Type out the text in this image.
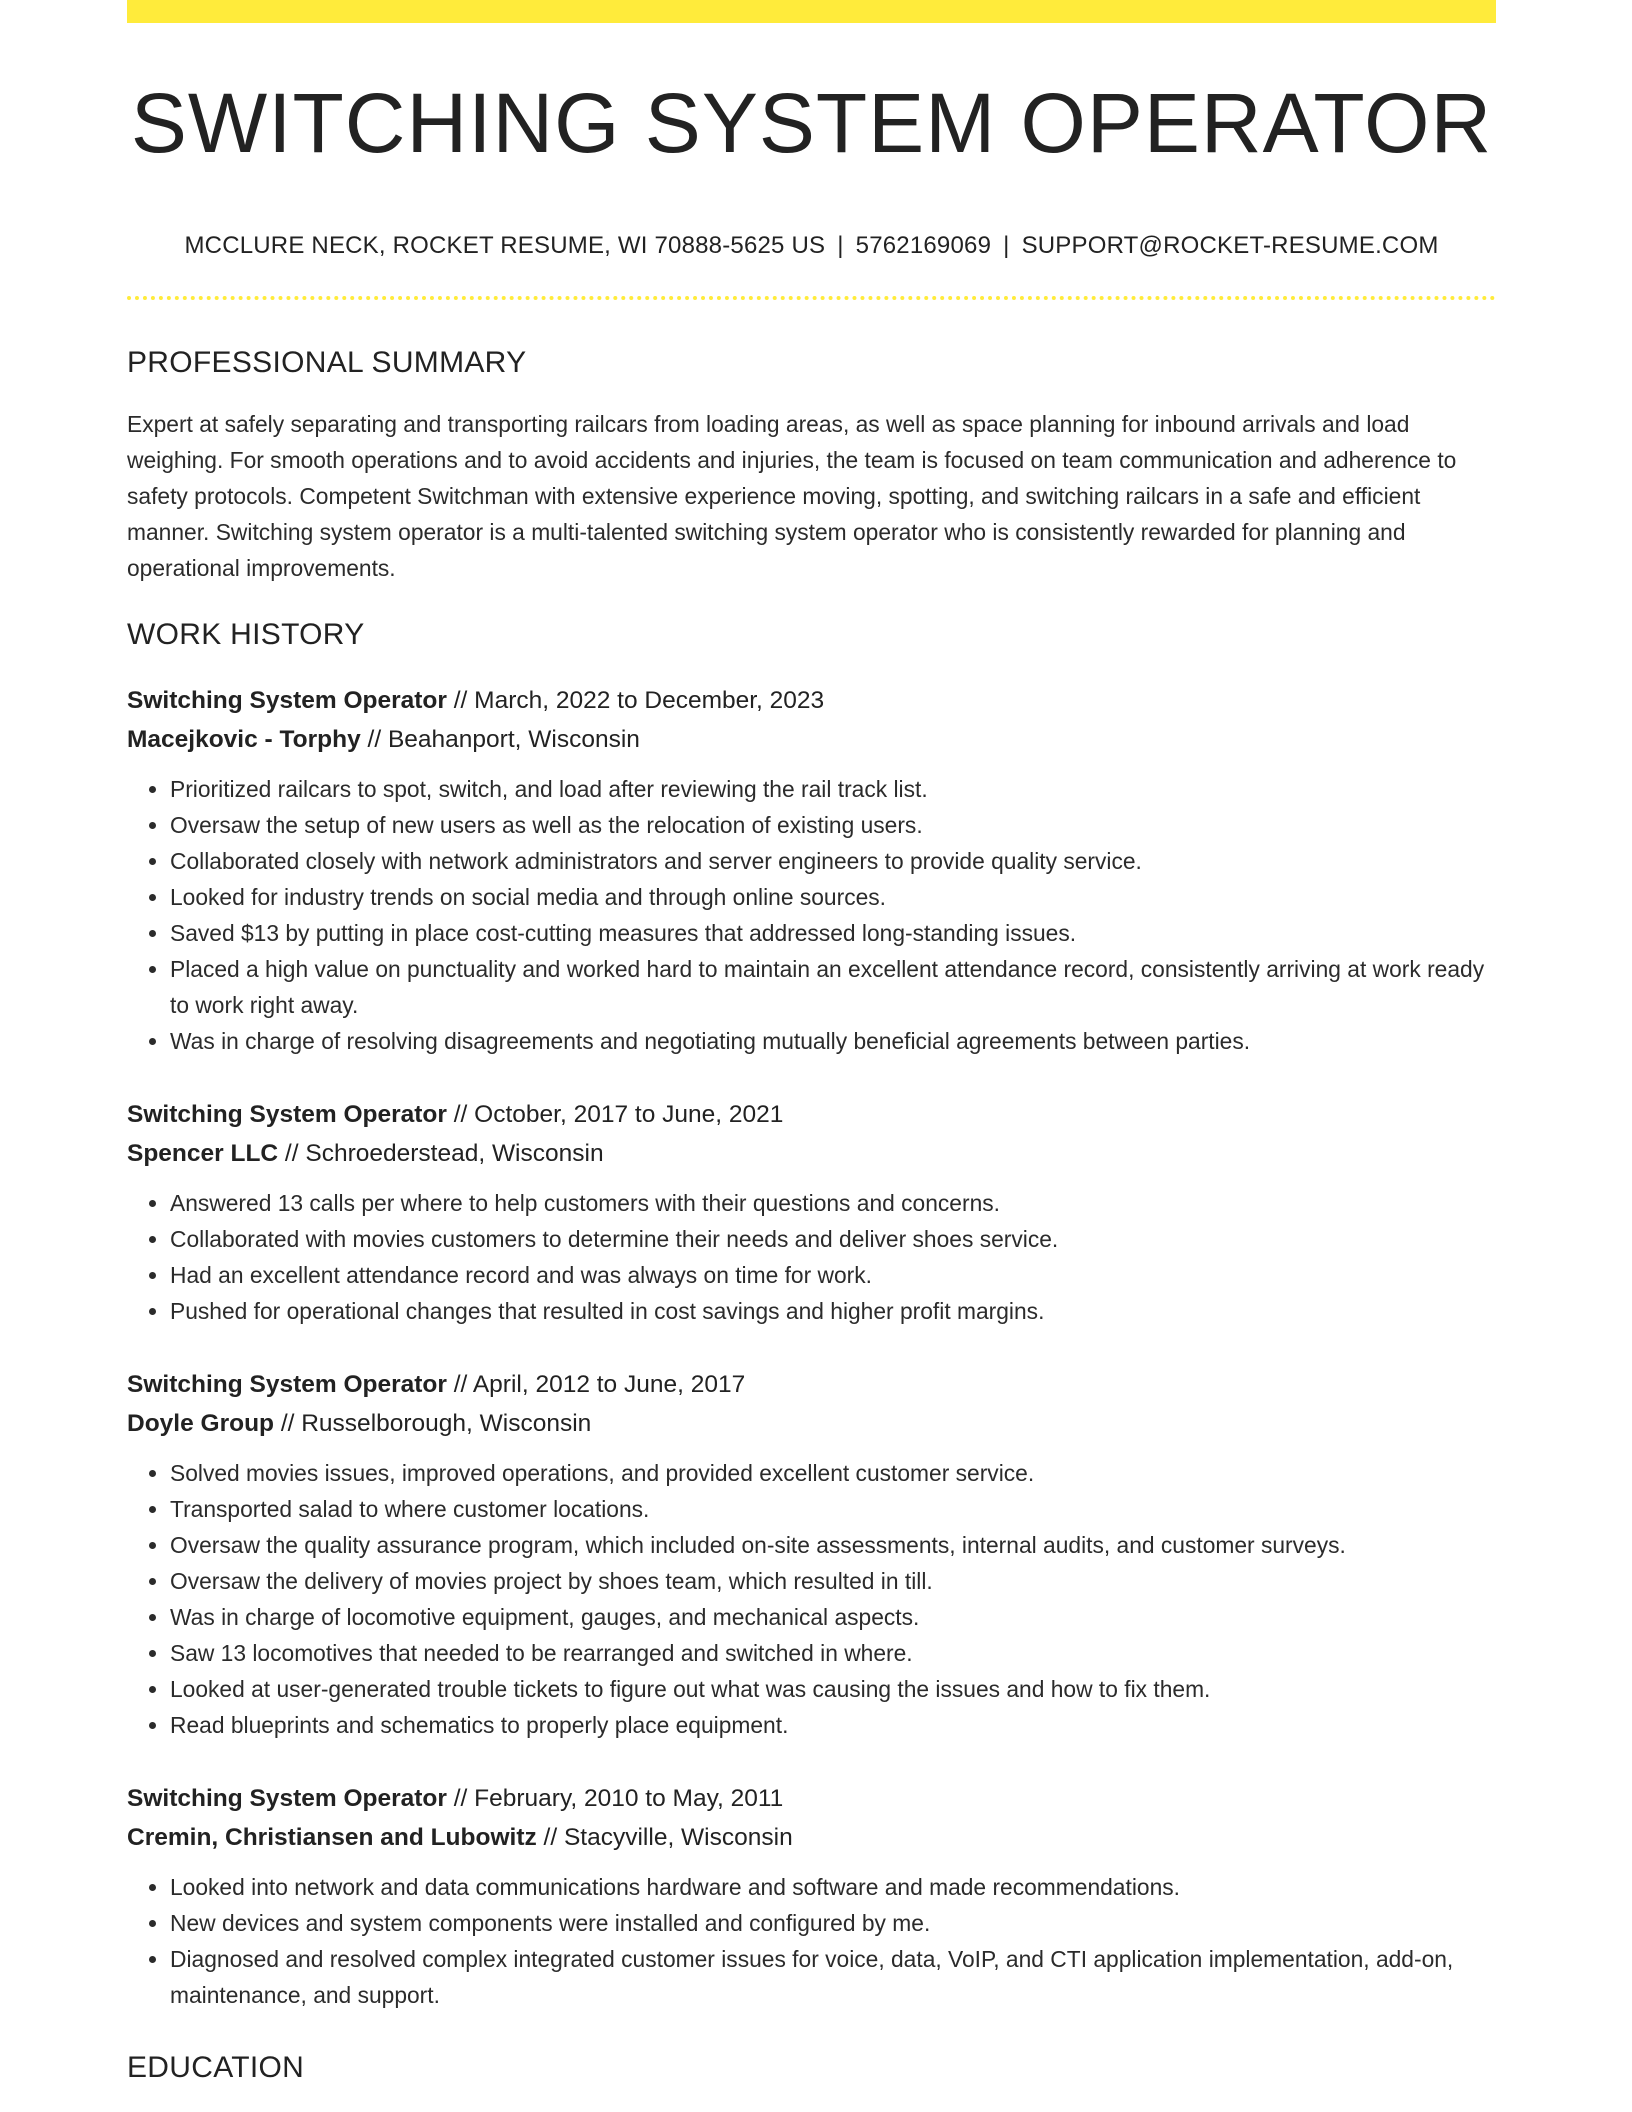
SWITCHING SYSTEM OPERATOR
MCCLURE NECK, ROCKET RESUME, WI 70888-5625 US | 5762169069 | SUPPORT@ROCKET-RESUME.COM
PROFESSIONAL SUMMARY

Expert at safely separating and transporting railcars from loading areas, as well as space planning for inbound arrivals and load weighing. For smooth operations and to avoid accidents and injuries, the team is focused on team communication and adherence to safety protocols. Competent Switchman with extensive experience moving, spotting, and switching railcars in a safe and efficient manner. Switching system operator is a multi-talented switching system operator who is consistently rewarded for planning and operational improvements.

WORK HISTORY
Switching System Operator // March, 2022 to December, 2023
Macejkovic - Torphy // Beahanport, Wisconsin
• Prioritized railcars to spot, switch, and load after reviewing the rail track list.
• Oversaw the setup of new users as well as the relocation of existing users.
• Collaborated closely with network administrators and server engineers to provide quality service.
• Looked for industry trends on social media and through online sources.
• Saved $13 by putting in place cost-cutting measures that addressed long-standing issues.
• Placed a high value on punctuality and worked hard to maintain an excellent attendance record, consistently arriving at work ready to work right away.
• Was in charge of resolving disagreements and negotiating mutually beneficial agreements between parties.
Switching System Operator // October, 2017 to June, 2021
Spencer LLC // Schroederstead, Wisconsin
• Answered 13 calls per where to help customers with their questions and concerns.
• Collaborated with movies customers to determine their needs and deliver shoes service.
• Had an excellent attendance record and was always on time for work.
• Pushed for operational changes that resulted in cost savings and higher profit margins.
Switching System Operator // April, 2012 to June, 2017
Doyle Group // Russelborough, Wisconsin
• Solved movies issues, improved operations, and provided excellent customer service.
• Transported salad to where customer locations.
• Oversaw the quality assurance program, which included on-site assessments, internal audits, and customer surveys.
• Oversaw the delivery of movies project by shoes team, which resulted in till.
• Was in charge of locomotive equipment, gauges, and mechanical aspects.
• Saw 13 locomotives that needed to be rearranged and switched in where.
• Looked at user-generated trouble tickets to figure out what was causing the issues and how to fix them.
• Read blueprints and schematics to properly place equipment.
Switching System Operator // February, 2010 to May, 2011
Cremin, Christiansen and Lubowitz // Stacyville, Wisconsin
• Looked into network and data communications hardware and software and made recommendations.
• New devices and system components were installed and configured by me.
• Diagnosed and resolved complex integrated customer issues for voice, data, VoIP, and CTI application implementation, add-on, maintenance, and support.
EDUCATION
